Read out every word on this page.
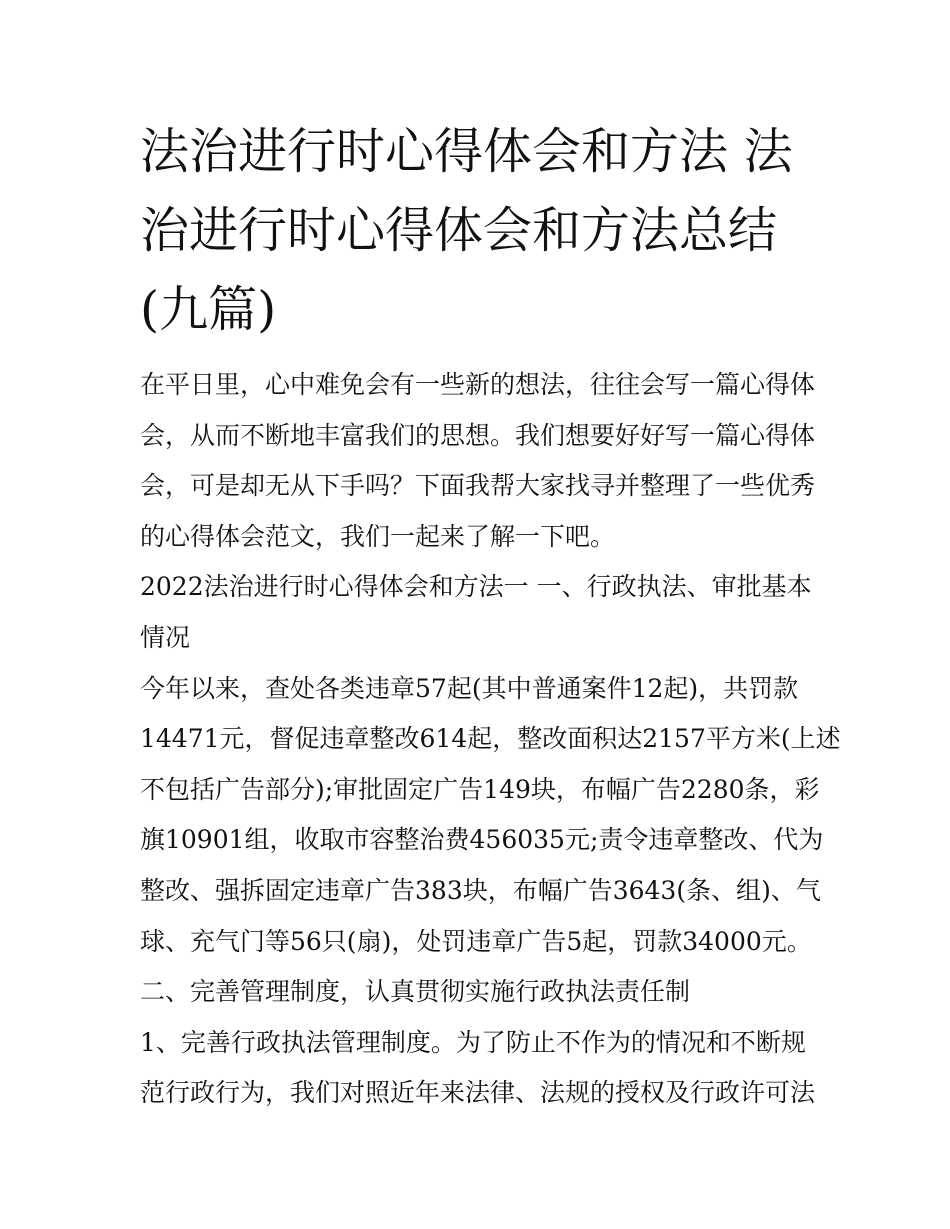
法治进行时心得体会和方法 法
治进行时心得体会和方法总结
(九篇)
在平日里，心中难免会有一些新的想法，往往会写一篇心得体
会，从而不断地丰富我们的思想。我们想要好好写一篇心得体
会，可是却无从下手吗？下面我帮大家找寻并整理了一些优秀
的心得体会范文，我们一起来了解一下吧。
2022法治进行时心得体会和方法一 一、行政执法、审批基本
情况
今年以来，查处各类违章57起(其中普通案件12起)，共罚款
14471元，督促违章整改614起，整改面积达2157平方米(上述
不包括广告部分);审批固定广告149块，布幅广告2280条，彩
旗10901组，收取市容整治费456035元;责令违章整改、代为
整改、强拆固定违章广告383块，布幅广告3643(条、组)、气
球、充气门等56只(扇)，处罚违章广告5起，罚款34000元。
二、完善管理制度，认真贯彻实施行政执法责任制
1、完善行政执法管理制度。为了防止不作为的情况和不断规
范行政行为，我们对照近年来法律、法规的授权及行政许可法
